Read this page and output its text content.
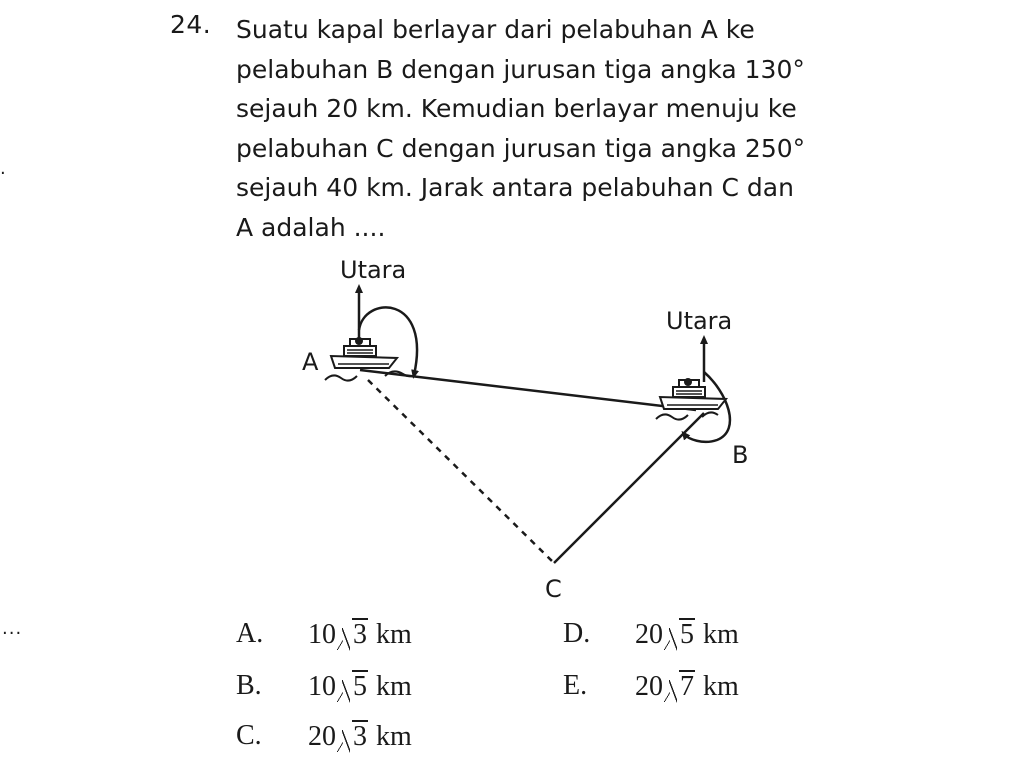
24. Suatu kapal berlayar dari pelabuhan A ke
pelabuhan B dengan jurusan tiga angka 130°
sejauh 20 km. Kemudian berlayar menuju ke
pelabuhan C dengan jurusan tiga angka 250°
sejauh 40 km. Jarak antara pelabuhan C dan
A adalah ....
.
...
Utara
Utara
A
B
C
A. 10 3 km
B. 10 5 km
C. 20 3 km
D. 20 5 km
E. 20 7 km
